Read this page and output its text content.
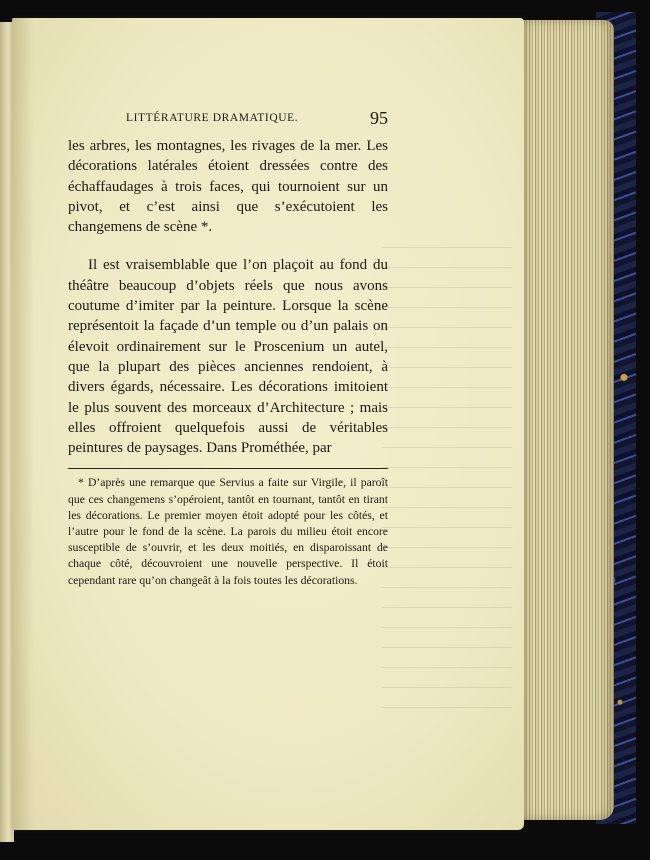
LITTÉRATURE DRAMATIQUE.	95

les arbres, les montagnes, les rivages de la mer. Les décorations latérales étoient dressées contre des échaffaudages à trois faces, qui tournoient sur un pivot, et c’est ainsi que s’exécutoient les changemens de scène *.

Il est vraisemblable que l’on plaçoit au fond du théâtre beaucoup d’objets réels que nous avons coutume d’imiter par la peinture. Lorsque la scène représentoit la façade d’un temple ou d’un palais on élevoit ordinairement sur le Proscenium un autel, que la plupart des pièces anciennes rendoient, à divers égards, nécessaire. Les décorations imitoient le plus souvent des morceaux d’Architecture ; mais elles offroient quelquefois aussi de véritables peintures de paysages. Dans Prométhée, par

* D’après une remarque que Servius a faite sur Virgile, il paroît que ces changemens s’opéroient, tantôt en tournant, tantôt en tirant les décorations. Le premier moyen étoit adopté pour les côtés, et l’autre pour le fond de la scène. La parois du milieu étoit encore susceptible de s’ouvrir, et les deux moitiés, en disparoissant de chaque côté, découvroient une nouvelle perspective. Il étoit cependant rare qu’on changeât à la fois toutes les décorations.
